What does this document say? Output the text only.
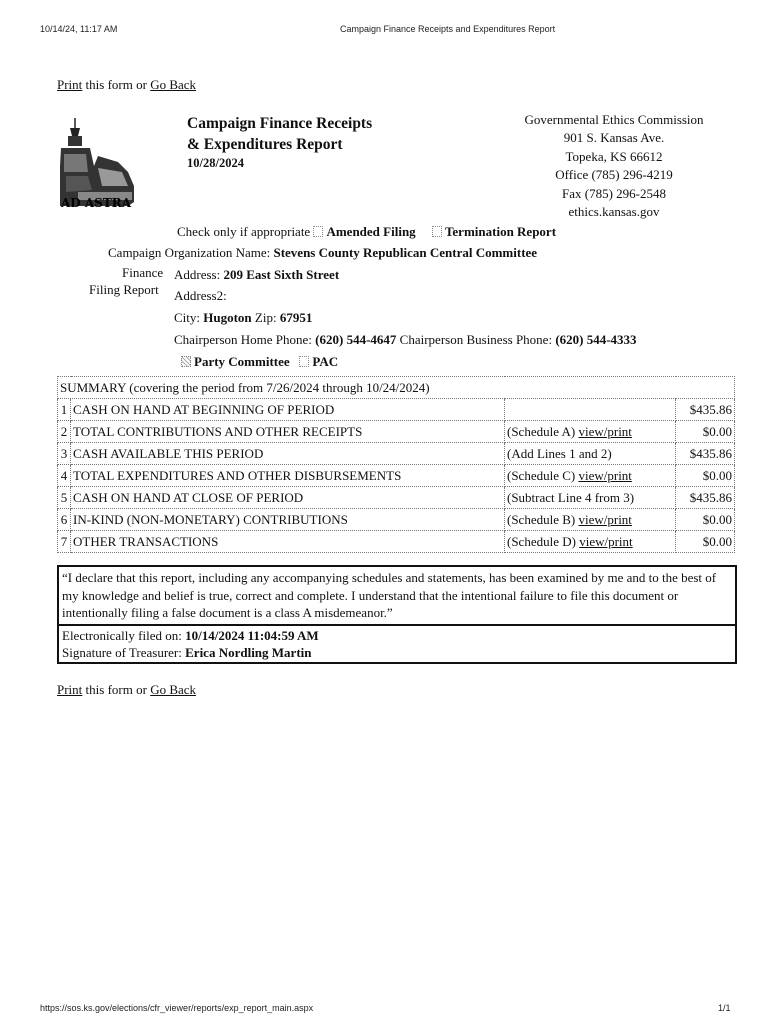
10/14/24, 11:17 AM	Campaign Finance Receipts and Expenditures Report
Print this form or Go Back
AD ASTRA
Campaign Finance Receipts
& Expenditures Report
10/28/2024
Governmental Ethics Commission
901 S. Kansas Ave.
Topeka, KS 66612
Office (785) 296-4219
Fax (785) 296-2548
ethics.kansas.gov
Check only if appropriate Amended Filing Termination Report
Campaign Organization Name: Stevens County Republican Central Committee
Finance
Filing Report
Address: 209 East Sixth Street
Address2:
City: Hugoton Zip: 67951
Chairperson Home Phone: (620) 544-4647 Chairperson Business Phone: (620) 544-4333
Party Committee PAC
SUMMARY (covering the period from 7/26/2024 through 10/24/2024)			
1	CASH ON HAND AT BEGINNING OF PERIOD		$435.86
2	TOTAL CONTRIBUTIONS AND OTHER RECEIPTS	(Schedule A) view/print	$0.00
3	CASH AVAILABLE THIS PERIOD	(Add Lines 1 and 2)	$435.86
4	TOTAL EXPENDITURES AND OTHER DISBURSEMENTS	(Schedule C) view/print	$0.00
5	CASH ON HAND AT CLOSE OF PERIOD	(Subtract Line 4 from 3)	$435.86
6	IN-KIND (NON-MONETARY) CONTRIBUTIONS	(Schedule B) view/print	$0.00
7	OTHER TRANSACTIONS	(Schedule D) view/print	$0.00
“I declare that this report, including any accompanying schedules and statements, has been examined by me and to the best of my knowledge and belief is true, correct and complete. I understand that the intentional failure to file this document or intentionally filing a false document is a class A misdemeanor.”
Electronically filed on: 10/14/2024 11:04:59 AM
Signature of Treasurer: Erica Nordling Martin
Print this form or Go Back
https://sos.ks.gov/elections/cfr_viewer/reports/exp_report_main.aspx	1/1
